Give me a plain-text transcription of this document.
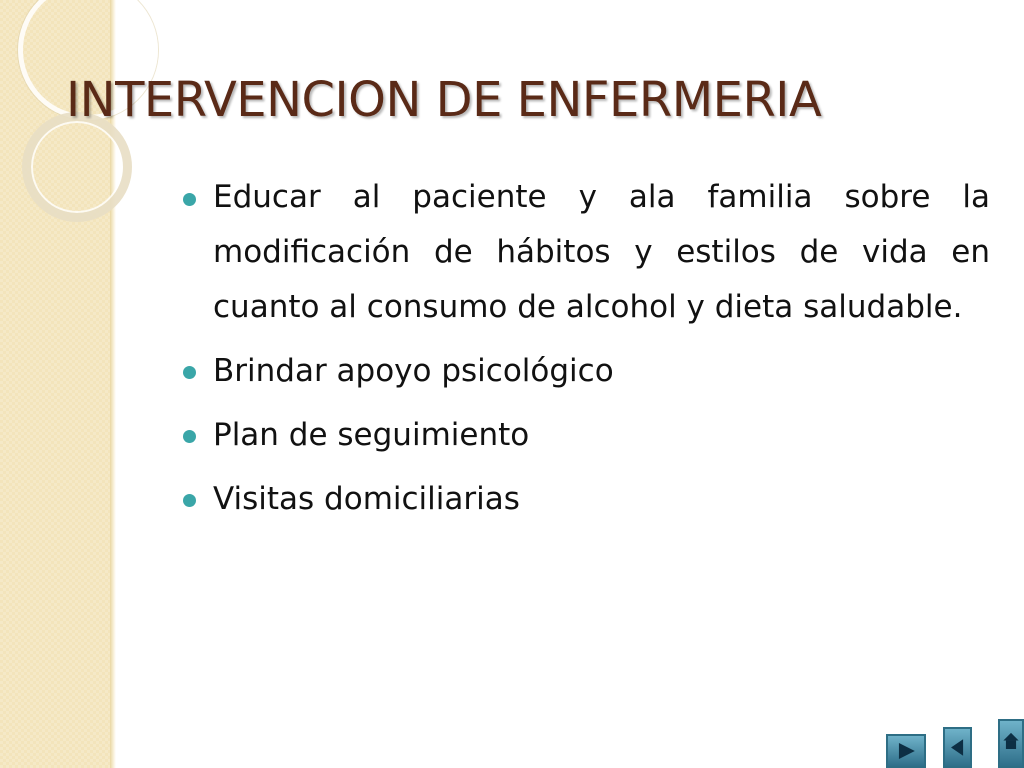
INTERVENCION DE ENFERMERIA
Educar al paciente y ala familia sobre la modificación de hábitos y estilos de vida en cuanto al consumo de alcohol y dieta saludable.
Brindar apoyo psicológico
Plan de seguimiento
Visitas domiciliarias
